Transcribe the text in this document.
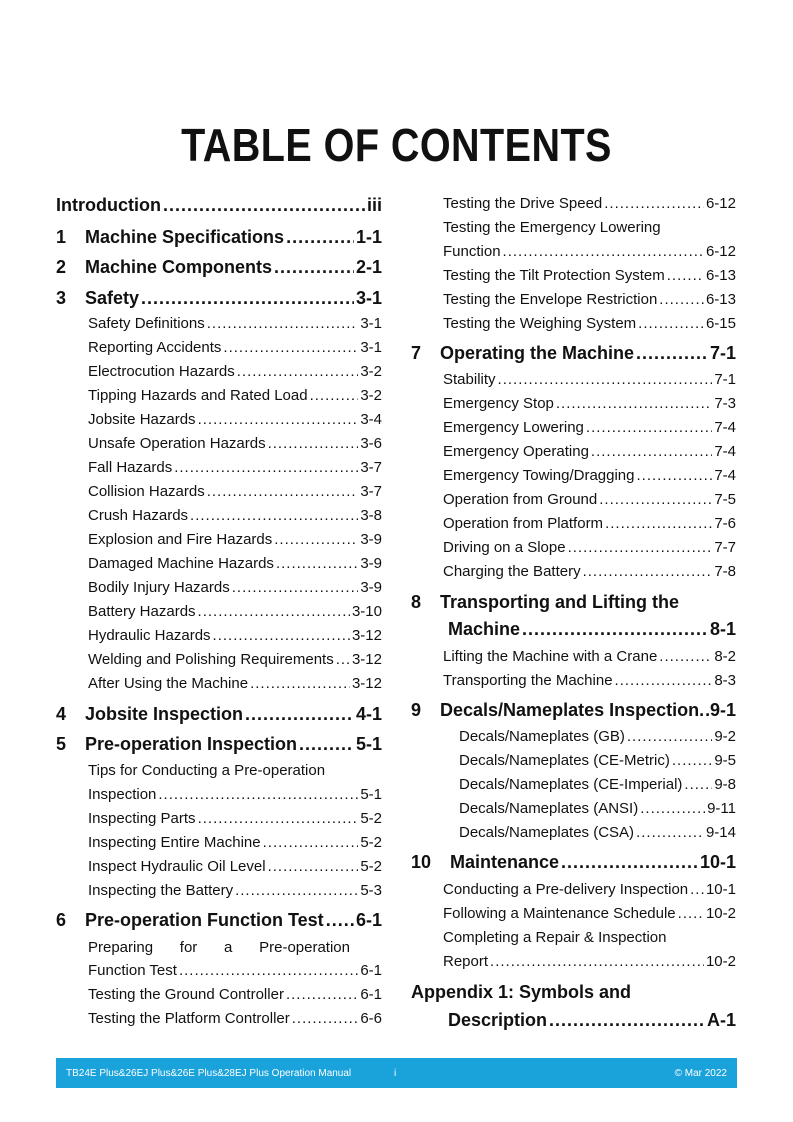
TABLE OF CONTENTS
Introduction .....	iii
1 Machine Specifications .....	1-1
2 Machine Components .....	2-1
3 Safety .....	3-1
Safety Definitions .....	3-1
Reporting Accidents .....	3-1
Electrocution Hazards .....	3-2
Tipping Hazards and Rated Load .....	3-2
Jobsite Hazards .....	3-4
Unsafe Operation Hazards .....	3-6
Fall Hazards .....	3-7
Collision Hazards .....	3-7
Crush Hazards .....	3-8
Explosion and Fire Hazards .....	3-9
Damaged Machine Hazards .....	3-9
Bodily Injury Hazards .....	3-9
Battery Hazards .....	3-10
Hydraulic Hazards .....	3-12
Welding and Polishing Requirements ..... 3-12
After Using the Machine .....	3-12
4 Jobsite Inspection .....	4-1
5 Pre-operation Inspection .....	5-1
Tips for Conducting a Pre-operation
Inspection .....	5-1
Inspecting Parts .....	5-2
Inspecting Entire Machine .....	5-2
Inspect Hydraulic Oil Level .....	5-2
Inspecting the Battery .....	5-3
6 Pre-operation Function Test ..... 6-1
Preparing for a Pre-operation
Function Test .....	6-1
Testing the Ground Controller .....	6-1
Testing the Platform Controller .....	6-6
Testing the Drive Speed .....	6-12
Testing the Emergency Lowering
Function .....	6-12
Testing the Tilt Protection System .....	6-13
Testing the Envelope Restriction .....	6-13
Testing the Weighing System .....	6-15
7 Operating the Machine .....	7-1
Stability .....	7-1
Emergency Stop .....	7-3
Emergency Lowering .....	7-4
Emergency Operating .....	7-4
Emergency Towing/Dragging .....	7-4
Operation from Ground .....	7-5
Operation from Platform .....	7-6
Driving on a Slope .....	7-7
Charging the Battery .....	7-8
8 Transporting and Lifting the
Machine .....	8-1
Lifting the Machine with a Crane .....	8-2
Transporting the Machine .....	8-3
9 Decals/Nameplates Inspection ..... 9-1
Decals/Nameplates (GB) .....	9-2
Decals/Nameplates (CE-Metric) .....	9-5
Decals/Nameplates (CE-Imperial) ..... 9-8
Decals/Nameplates (ANSI) .....	9-11
Decals/Nameplates (CSA) .....	9-14
10 Maintenance .....	10-1
Conducting a Pre-delivery Inspection ..... 10-1
Following a Maintenance Schedule ..... 10-2
Completing a Repair & Inspection
Report .....	10-2
Appendix 1: Symbols and
Description .....	A-1
TB24E Plus&26EJ Plus&26E Plus&28EJ Plus Operation Manual	i	© Mar 2022
